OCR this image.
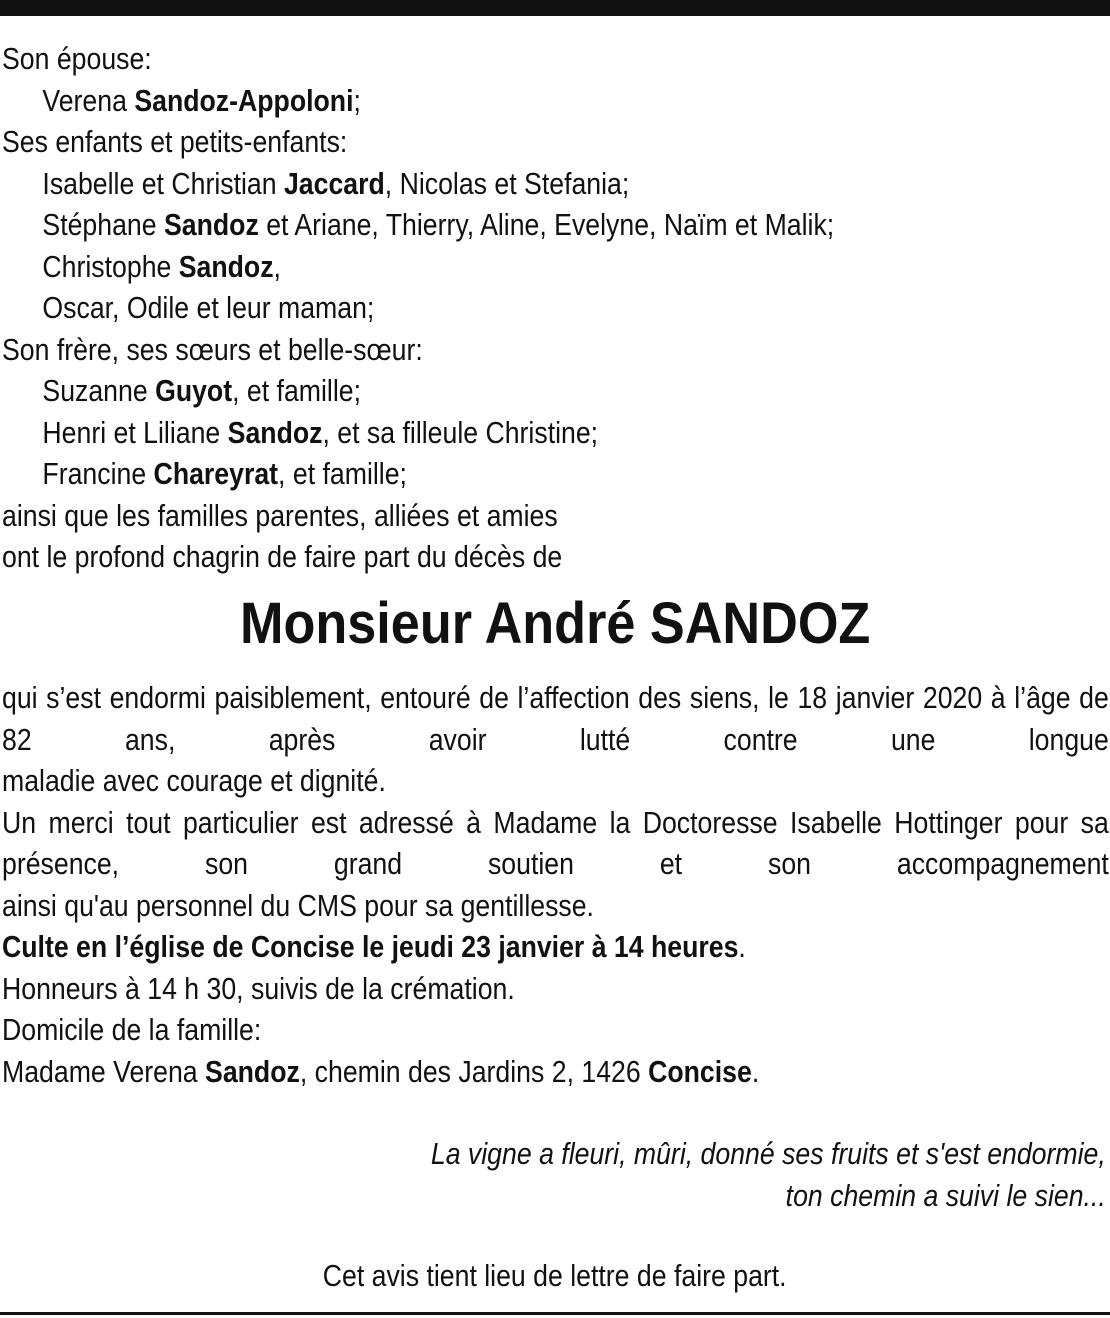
Son épouse:
Verena Sandoz-Appoloni;
Ses enfants et petits-enfants:
Isabelle et Christian Jaccard, Nicolas et Stefania;
Stéphane Sandoz et Ariane, Thierry, Aline, Evelyne, Naïm et Malik;
Christophe Sandoz,
Oscar, Odile et leur maman;
Son frère, ses sœurs et belle-sœur:
Suzanne Guyot, et famille;
Henri et Liliane Sandoz, et sa filleule Christine;
Francine Chareyrat, et famille;
ainsi que les familles parentes, alliées et amies
ont le profond chagrin de faire part du décès de
Monsieur André SANDOZ
qui s’est endormi paisiblement, entouré de l’affection des siens, le 18 janvier 2020 à l’âge de 82 ans, après avoir lutté contre une longue
maladie avec courage et dignité.
Un merci tout particulier est adressé à Madame la Doctoresse Isabelle Hottinger pour sa présence, son grand soutien et son accompagnement
ainsi qu'au personnel du CMS pour sa gentillesse.
Culte en l’église de Concise le jeudi 23 janvier à 14 heures.
Honneurs à 14 h 30, suivis de la crémation.
Domicile de la famille:
Madame Verena Sandoz, chemin des Jardins 2, 1426 Concise.
La vigne a fleuri, mûri, donné ses fruits et s'est endormie,
ton chemin a suivi le sien...
Cet avis tient lieu de lettre de faire part.
